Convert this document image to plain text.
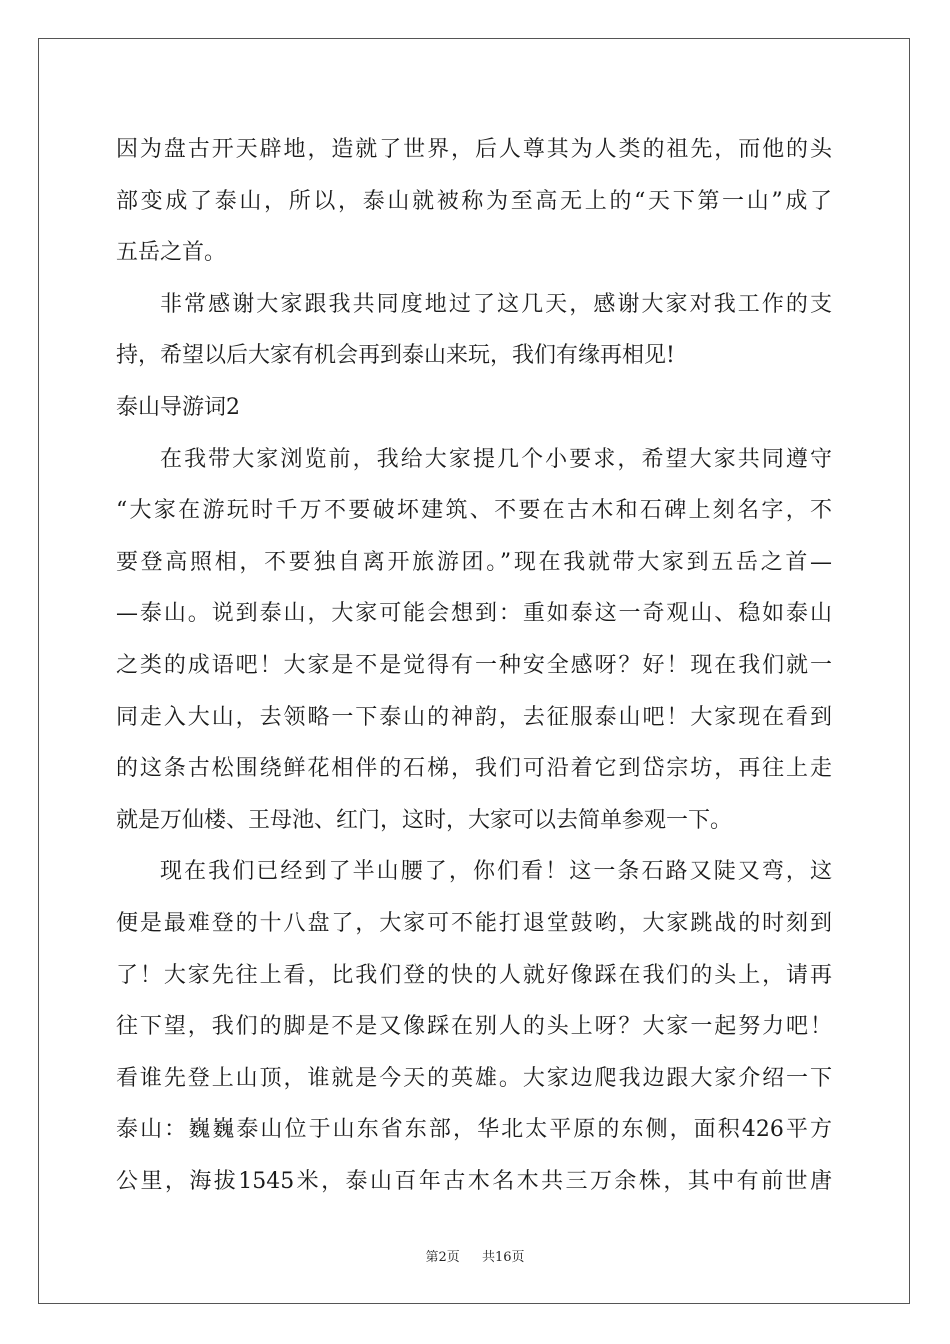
因为盘古开天辟地，造就了世界，后人尊其为人类的祖先，而他的头
部变成了泰山，所以，泰山就被称为至高无上的“天下第一山”成了
五岳之首。
非常感谢大家跟我共同度地过了这几天，感谢大家对我工作的支
持，希望以后大家有机会再到泰山来玩，我们有缘再相见!
泰山导游词2
在我带大家浏览前，我给大家提几个小要求，希望大家共同遵守
“大家在游玩时千万不要破坏建筑、不要在古木和石碑上刻名字，不
要登高照相，不要独自离开旅游团。”现在我就带大家到五岳之首—
—泰山。说到泰山，大家可能会想到：重如泰这一奇观山、稳如泰山
之类的成语吧！大家是不是觉得有一种安全感呀？好！现在我们就一
同走入大山，去领略一下泰山的神韵，去征服泰山吧！大家现在看到
的这条古松围绕鲜花相伴的石梯，我们可沿着它到岱宗坊，再往上走
就是万仙楼、王母池、红门，这时，大家可以去简单参观一下。
现在我们已经到了半山腰了，你们看！这一条石路又陡又弯，这
便是最难登的十八盘了，大家可不能打退堂鼓哟，大家跳战的时刻到
了！大家先往上看，比我们登的快的人就好像踩在我们的头上，请再
往下望，我们的脚是不是又像踩在别人的头上呀？大家一起努力吧！
看谁先登上山顶，谁就是今天的英雄。大家边爬我边跟大家介绍一下
泰山：巍巍泰山位于山东省东部，华北太平原的东侧，面积426平方
公里，海拔1545米，泰山百年古木名木共三万余株，其中有前世唐
第2页 共16页
